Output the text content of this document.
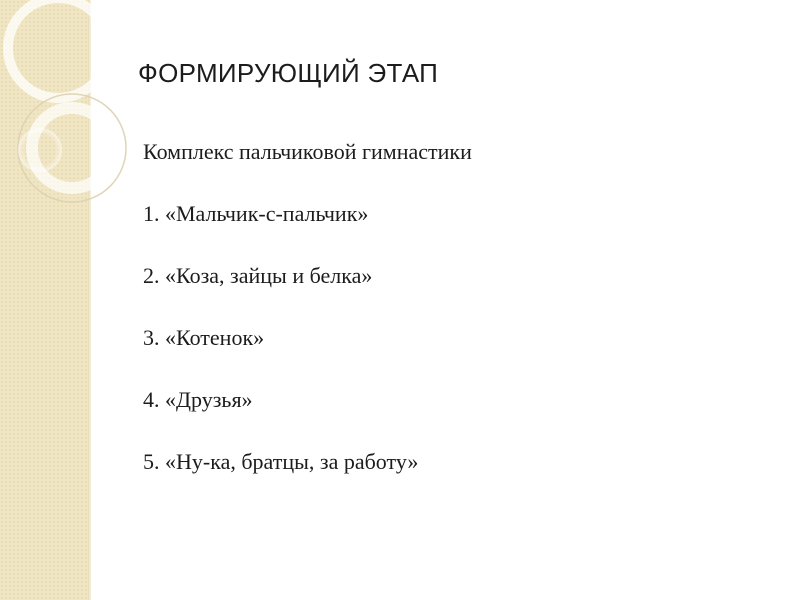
ФОРМИРУЮЩИЙ ЭТАП
Комплекс пальчиковой гимнастики
1. «Мальчик-с-пальчик»
2. «Коза, зайцы и белка»
3. «Котенок»
4. «Друзья»
5. «Ну-ка, братцы, за работу»
